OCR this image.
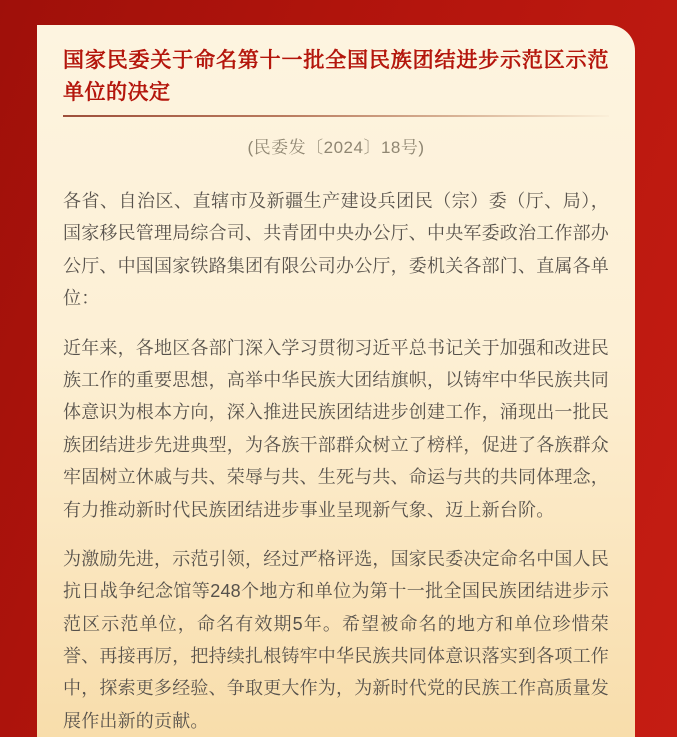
国家民委关于命名第十一批全国民族团结进步示范区示范单位的决定
(民委发〔2024〕18号)

各省、自治区、直辖市及新疆生产建设兵团民（宗）委（厅、局），国家移民管理局综合司、共青团中央办公厅、中央军委政治工作部办公厅、中国国家铁路集团有限公司办公厅，委机关各部门、直属各单位：

近年来，各地区各部门深入学习贯彻习近平总书记关于加强和改进民族工作的重要思想，高举中华民族大团结旗帜，以铸牢中华民族共同体意识为根本方向，深入推进民族团结进步创建工作，涌现出一批民族团结进步先进典型，为各族干部群众树立了榜样，促进了各族群众牢固树立休戚与共、荣辱与共、生死与共、命运与共的共同体理念，有力推动新时代民族团结进步事业呈现新气象、迈上新台阶。

为激励先进，示范引领，经过严格评选，国家民委决定命名中国人民抗日战争纪念馆等248个地方和单位为第十一批全国民族团结进步示范区示范单位，命名有效期5年。希望被命名的地方和单位珍惜荣誉、再接再厉，把持续扎根铸牢中华民族共同体意识落实到各项工作中，探索更多经验、争取更大作为，为新时代党的民族工作高质量发展作出新的贡献。
